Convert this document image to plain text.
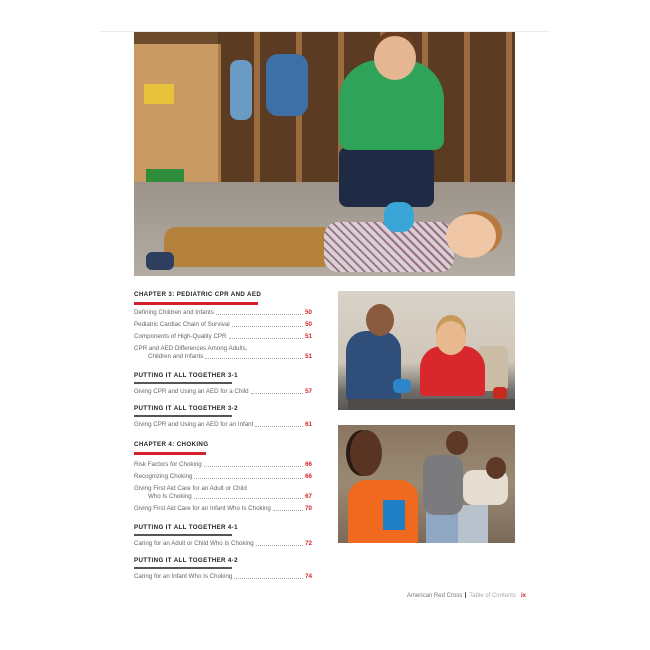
CHAPTER 3: PEDIATRIC CPR AND AED
Defining Children and Infants	50
Pediatric Cardiac Chain of Survival	50
Components of High-Quality CPR	51
CPR and AED Differences Among Adults,
Children and Infants	51
PUTTING IT ALL TOGETHER 3-1
Giving CPR and Using an AED for a Child	57
PUTTING IT ALL TOGETHER 3-2
Giving CPR and Using an AED for an Infant	61
CHAPTER 4: CHOKING
Risk Factors for Choking	66
Recognizing Choking	66
Giving First Aid Care for an Adult or Child
Who Is Choking	67
Giving First Aid Care for an Infant Who Is Choking	70
PUTTING IT ALL TOGETHER 4-1
Caring for an Adult or Child Who Is Choking	72
PUTTING IT ALL TOGETHER 4-2
Caring for an Infant Who Is Choking	74
American Red Cross Table of Contents ix
